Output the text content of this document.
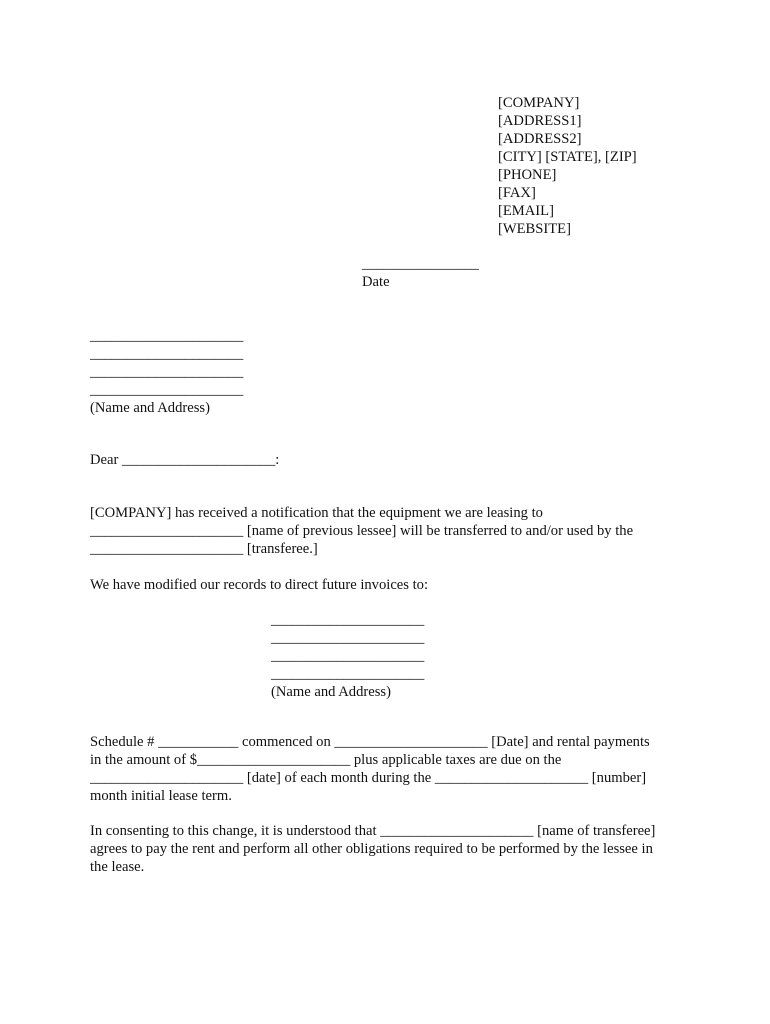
[COMPANY]
[ADDRESS1]
[ADDRESS2]
[CITY] [STATE], [ZIP]
[PHONE]
[FAX]
[EMAIL]
[WEBSITE]
________________
Date
_____________________
_____________________
_____________________
_____________________
(Name and Address)
Dear _____________________:
[COMPANY] has received a notification that the equipment we are leasing to
_____________________ [name of previous lessee] will be transferred to and/or used by the
_____________________ [transferee.]
We have modified our records to direct future invoices to:
_____________________
_____________________
_____________________
_____________________
(Name and Address)
Schedule # ___________ commenced on _____________________ [Date] and rental payments
in the amount of $_____________________ plus applicable taxes are due on the
_____________________ [date] of each month during the _____________________ [number]
month initial lease term.
In consenting to this change, it is understood that _____________________ [name of transferee]
agrees to pay the rent and perform all other obligations required to be performed by the lessee in
the lease.
